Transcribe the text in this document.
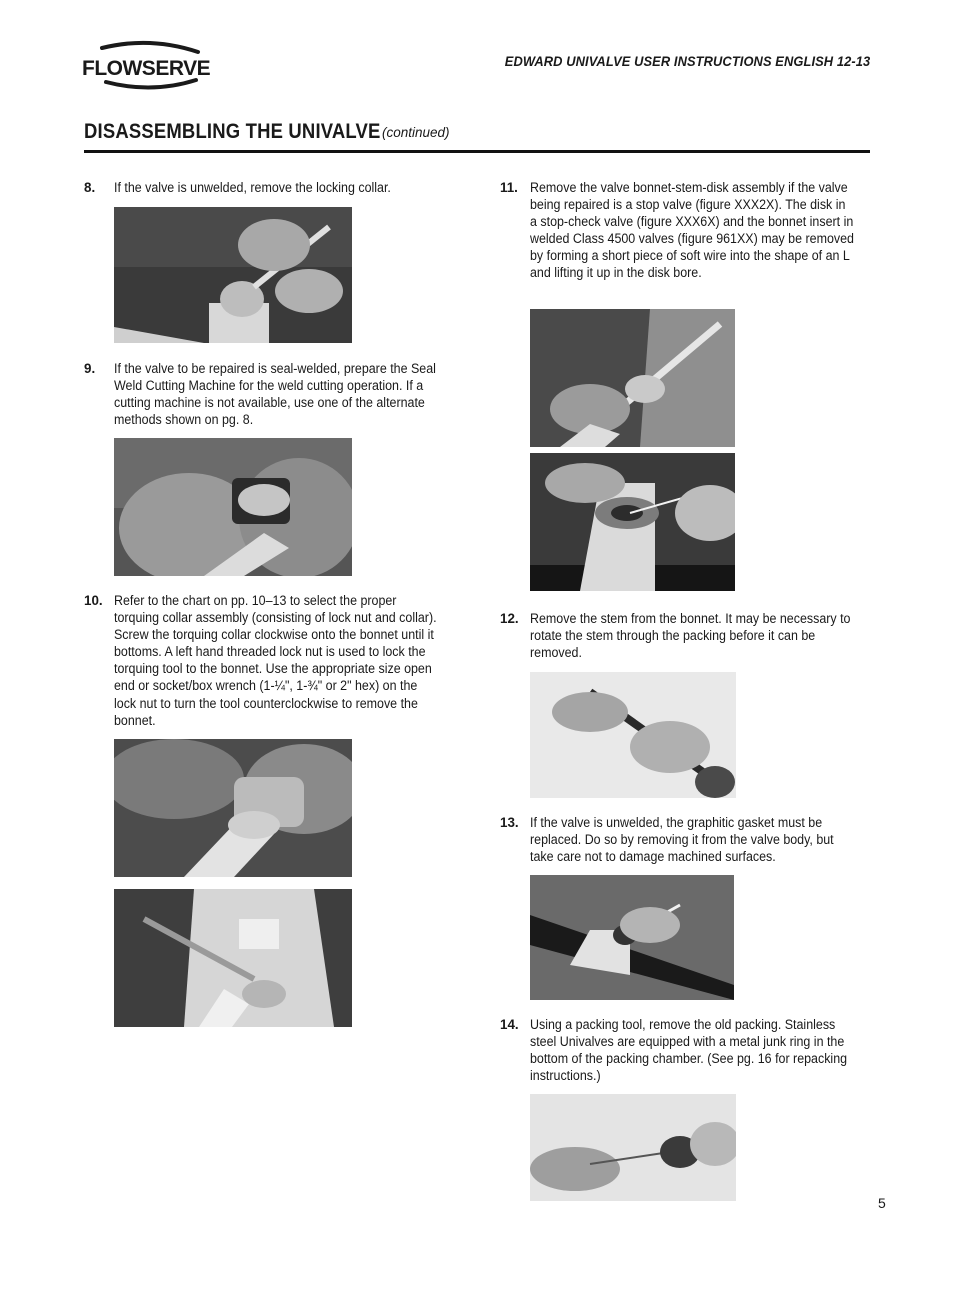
FLOWSERVE	EDWARD UNIVALVE USER INSTRUCTIONS ENGLISH 12-13
DISASSEMBLING THE UNIVALVE (continued)
8. If the valve is unwelded, remove the locking collar.
9. If the valve to be repaired is seal-welded, prepare the Seal Weld Cutting Machine for the weld cutting operation. If a cutting machine is not available, use one of the alternate methods shown on pg. 8.
10. Refer to the chart on pp. 10–13 to select the proper torquing collar assembly (consisting of lock nut and collar). Screw the torquing collar clockwise onto the bonnet until it bottoms. A left hand threaded lock nut is used to lock the torquing tool to the bonnet. Use the appropriate size open end or socket/box wrench (1-¼", 1-¾" or 2" hex) on the lock nut to turn the tool counterclockwise to remove the bonnet.
11. Remove the valve bonnet-stem-disk assembly if the valve being repaired is a stop valve (figure XXX2X). The disk in a stop-check valve (figure XXX6X) and the bonnet insert in welded Class 4500 valves (figure 961XX) may be removed by forming a short piece of soft wire into the shape of an L and lifting it up in the disk bore.
12. Remove the stem from the bonnet. It may be necessary to rotate the stem through the packing before it can be removed.
13. If the valve is unwelded, the graphitic gasket must be replaced. Do so by removing it from the valve body, but take care not to damage machined surfaces.
14. Using a packing tool, remove the old packing. Stainless steel Univalves are equipped with a metal junk ring in the bottom of the packing chamber. (See pg. 16 for repacking instructions.)
5
